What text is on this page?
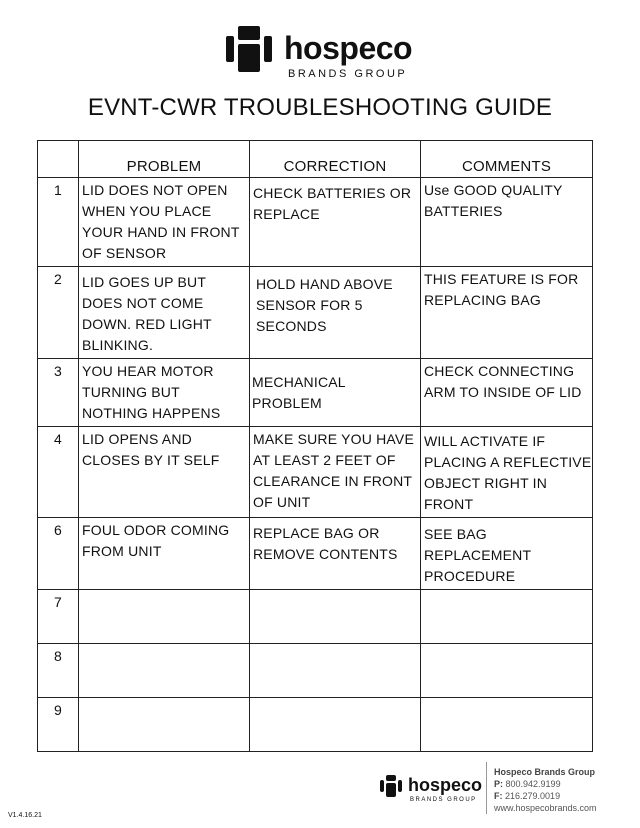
hospeco
BRANDS GROUP
EVNT-CWR TROUBLESHOOTING GUIDE
	PROBLEM	CORRECTION	COMMENTS
1	LID DOES NOT OPEN WHEN YOU PLACE YOUR HAND IN FRONT OF SENSOR	CHECK BATTERIES OR REPLACE	Use GOOD QUALITY BATTERIES
2	LID GOES UP BUT DOES NOT COME DOWN. RED LIGHT BLINKING.	HOLD HAND ABOVE SENSOR FOR 5 SECONDS	THIS FEATURE IS FOR REPLACING BAG
3	YOU HEAR MOTOR TURNING BUT NOTHING HAPPENS	MECHANICAL PROBLEM	CHECK CONNECTING ARM TO INSIDE OF LID
4	LID OPENS AND CLOSES BY IT SELF	MAKE SURE YOU HAVE AT LEAST 2 FEET OF CLEARANCE IN FRONT OF UNIT	WILL ACTIVATE IF PLACING A REFLECTIVE OBJECT RIGHT IN FRONT
6	FOUL ODOR COMING FROM UNIT	REPLACE BAG OR REMOVE CONTENTS	SEE BAG REPLACEMENT PROCEDURE
7			
8			
9			
hospeco
BRANDS GROUP
Hospeco Brands Group
P: 800.942.9199
F: 216.279.0019
www.hospecobrands.com
V1.4.16.21
